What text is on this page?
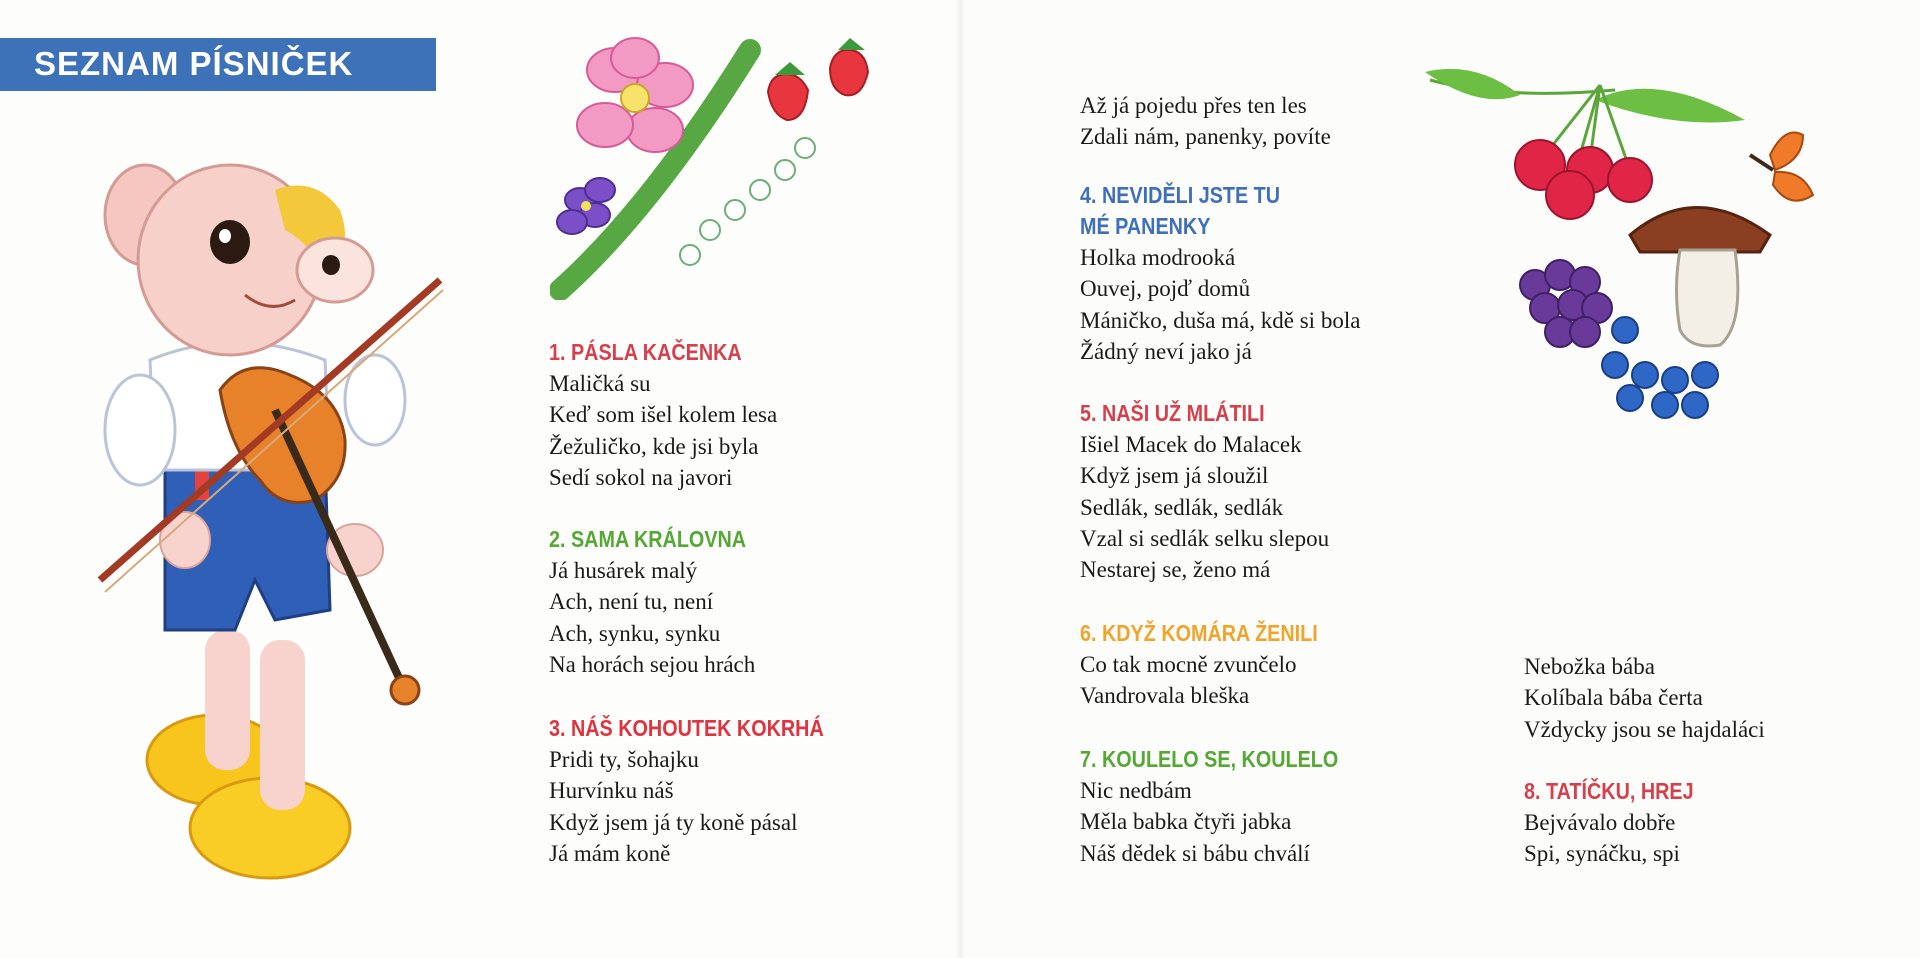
SEZNAM PÍSNIČEK
1. PÁSLA KAČENKA
Maličká su
Keď som išel kolem lesa
Žežuličko, kde jsi byla
Sedí sokol na javori
2. SAMA KRÁLOVNA
Já husárek malý
Ach, není tu, není
Ach, synku, synku
Na horách sejou hrách
3. NÁŠ KOHOUTEK KOKRHÁ
Pridi ty, šohajku
Hurvínku náš
Když jsem já ty koně pásal
Já mám koně
Až já pojedu přes ten les
Zdali nám, panenky, povíte
4. NEVIDĚLI JSTE TU
MÉ PANENKY
Holka modrooká
Ouvej, pojď domů
Máničko, duša má, kdě si bola
Žádný neví jako já
5. NAŠI UŽ MLÁTILI
Išiel Macek do Malacek
Když jsem já sloužil
Sedlák, sedlák, sedlák
Vzal si sedlák selku slepou
Nestarej se, ženo má
6. KDYŽ KOMÁRA ŽENILI
Co tak mocně zvunčelo
Vandrovala bleška
7. KOULELO SE, KOULELO
Nic nedbám
Měla babka čtyři jabka
Náš dědek si bábu chválí
Nebožka bába
Kolíbala bába čerta
Vždycky jsou se hajdaláci
8. TATÍČKU, HREJ
Bejvávalo dobře
Spi, synáčku, spi
